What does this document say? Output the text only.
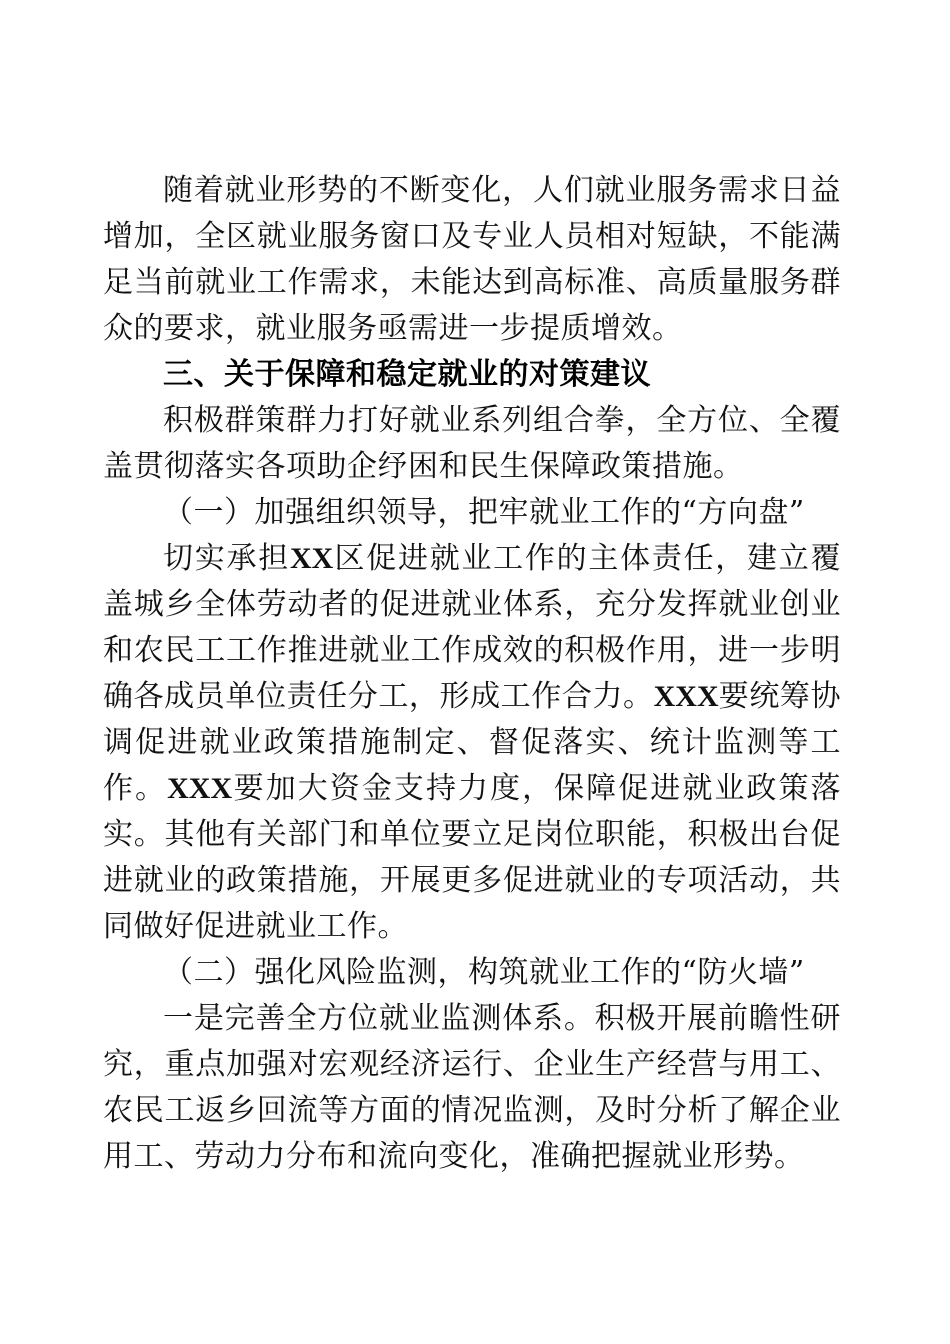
随着就业形势的不断变化，人们就业服务需求日益增加，全区就业服务窗口及专业人员相对短缺，不能满足当前就业工作需求，未能达到高标准、高质量服务群众的要求，就业服务亟需进一步提质增效。

三、关于保障和稳定就业的对策建议

积极群策群力打好就业系列组合拳，全方位、全覆盖贯彻落实各项助企纾困和民生保障政策措施。

（一）加强组织领导，把牢就业工作的“方向盘”

切实承担XX区促进就业工作的主体责任，建立覆盖城乡全体劳动者的促进就业体系，充分发挥就业创业和农民工工作推进就业工作成效的积极作用，进一步明确各成员单位责任分工，形成工作合力。XXX要统筹协调促进就业政策措施制定、督促落实、统计监测等工作。XXX要加大资金支持力度，保障促进就业政策落实。其他有关部门和单位要立足岗位职能，积极出台促进就业的政策措施，开展更多促进就业的专项活动，共同做好促进就业工作。

（二）强化风险监测，构筑就业工作的“防火墙”

一是完善全方位就业监测体系。积极开展前瞻性研究，重点加强对宏观经济运行、企业生产经营与用工、农民工返乡回流等方面的情况监测，及时分析了解企业用工、劳动力分布和流向变化，准确把握就业形势。
